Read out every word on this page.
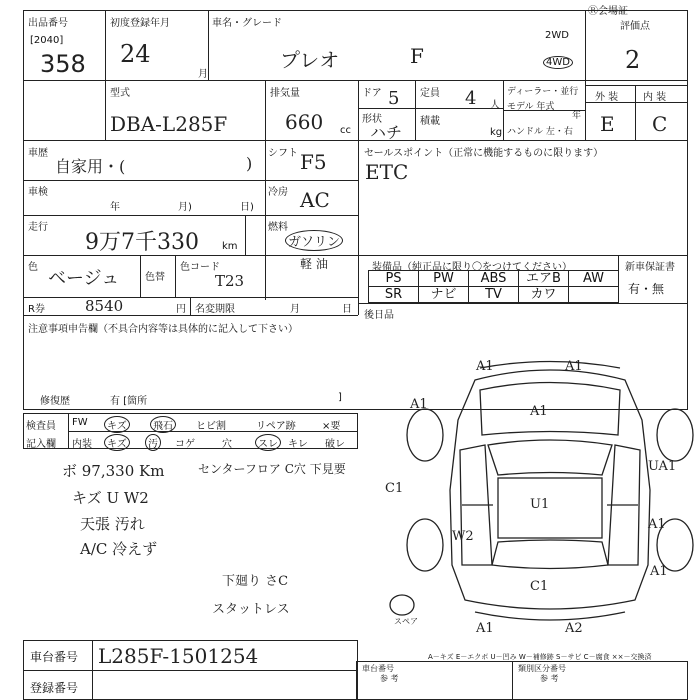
出品番号
[2040]
358
初度登録年月
24
月
車名・グレード
プレオ	F
2WD
4WD
Ⓡ会場証
評価点
2
外 装 内 装
E C
型式
DBA-L285F
排気量
660 cc
ドア 5
形状
ハチ
定員 4 人
積載
kg
ディーラー・並行
モデル 年式
年
ハンドル 左・右
車歴
自家用・(	)
車検
年	月)	日)
走行
9万7千330 km
色
ベージュ	色替
色コード
T23
R券	8540	円 名変期限	月	日
シフト F5
冷房 AC
燃料
ガソリン
軽 油
セールスポイント（正常に機能するものに限ります）
ETC
装備品（純正品に限り〇をつけてください）	新車保証書
有・無
PS	PW	ABS	エアB	AW
SR	ナビ	TV	カワ
後日品
注意事項申告欄（不具合内容等は具体的に記入して下さい）
修復歴	有 [箇所	]
検査員
記入欄
FW	キズ	飛石	ヒビ割	リペア跡	×要
内装	キズ	汚	コゲ	穴	スレ	キレ 破レ
ボ 97,330 Km
キズ U W2
天張 汚れ
A/C 冷えず
センターフロア C穴 下見要
下廻り さC
スタットレス
A1	A1
A1	A1
UA1
C1
U1
W2
A1
A1
C1
A1	A2
スペア
車台番号 L285F-1501254
登録番号
A－キズ E－エクボ U－凹み W－補修跡 S－サビ C－腐食 ××－交換済
車台番号
参 考
類別区分番号
参 考
